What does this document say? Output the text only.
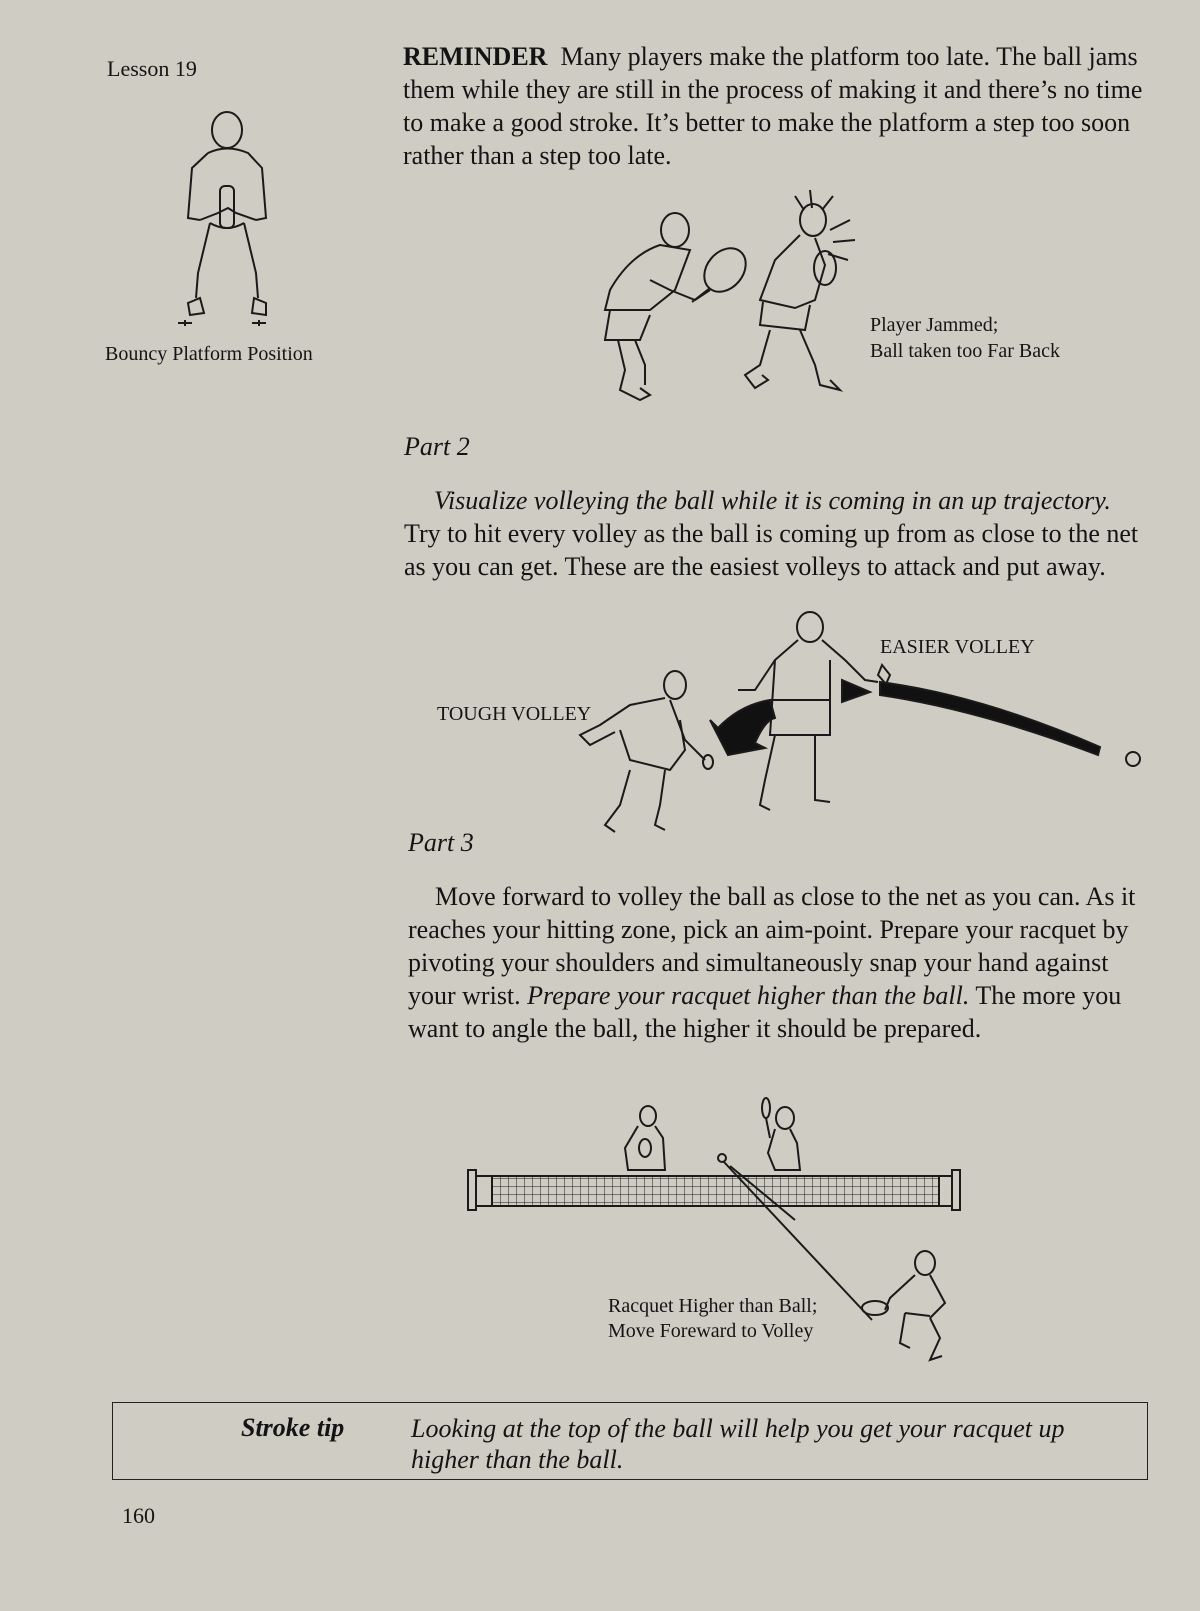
Lesson 19
Bouncy Platform Position
REMINDER Many players make the platform too late. The ball jams them while they are still in the process of making it and there’s no time to make a good stroke. It’s better to make the platform a step too soon rather than a step too late.
Player Jammed;
Ball taken too Far Back
Part 2
Visualize volleying the ball while it is coming in an up trajectory. Try to hit every volley as the ball is coming up from as close to the net as you can get. These are the easiest volleys to attack and put away.
EASIER VOLLEY
TOUGH VOLLEY
Part 3
Move forward to volley the ball as close to the net as you can. As it reaches your hitting zone, pick an aim-point. Prepare your racquet by pivoting your shoulders and simultaneously snap your hand against your wrist. Prepare your racquet higher than the ball. The more you want to angle the ball, the higher it should be prepared.
Racquet Higher than Ball;
Move Foreward to Volley
Stroke tip	Looking at the top of the ball will help you get your racquet up higher than the ball.
160
